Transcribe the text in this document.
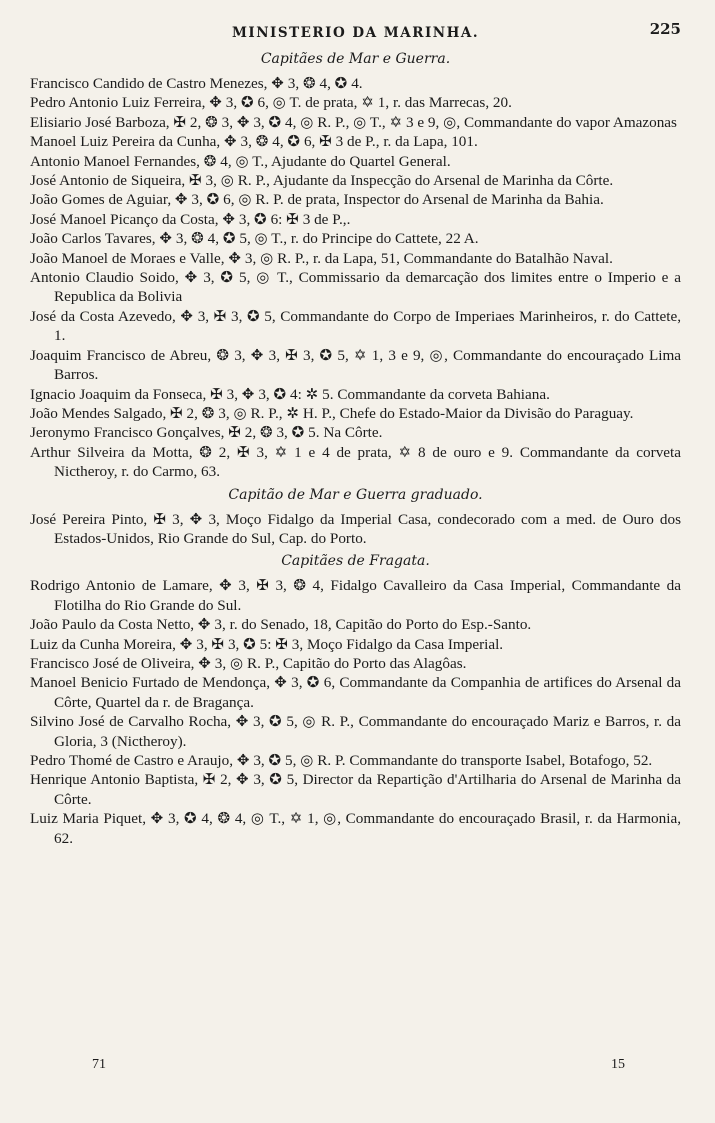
MINISTERIO DA MARINHA.	225
Capitães de Mar e Guerra.
Francisco Candido de Castro Menezes, ✥ 3, ❂ 4, ✪ 4.
Pedro Antonio Luiz Ferreira, ✥ 3, ✪ 6, ◎ T. de prata, ✡ 1, r. das Marrecas, 20.
Elisiario José Barboza, ✠ 2, ❂ 3, ✥ 3, ✪ 4, ◎ R. P., ◎ T., ✡ 3 e 9, ◎, Commandante do vapor Amazonas
Manoel Luiz Pereira da Cunha, ✥ 3, ❂ 4, ✪ 6, ✠ 3 de P., r. da Lapa, 101.
Antonio Manoel Fernandes, ❂ 4, ◎ T., Ajudante do Quartel General.
José Antonio de Siqueira, ✠ 3, ◎ R. P., Ajudante da Inspecção do Arsenal de Marinha da Côrte.
João Gomes de Aguiar, ✥ 3, ✪ 6, ◎ R. P. de prata, Inspector do Arsenal de Marinha da Bahia.
José Manoel Picanço da Costa, ✥ 3, ✪ 6: ✠ 3 de P.,.
João Carlos Tavares, ✥ 3, ❂ 4, ✪ 5, ◎ T., r. do Principe do Cattete, 22 A.
João Manoel de Moraes e Valle, ✥ 3, ◎ R. P., r. da Lapa, 51, Commandante do Batalhão Naval.
Antonio Claudio Soido, ✥ 3, ✪ 5, ◎ T., Commissario da demarcação dos limites entre o Imperio e a Republica da Bolivia
José da Costa Azevedo, ✥ 3, ✠ 3, ✪ 5, Commandante do Corpo de Imperiaes Marinheiros, r. do Cattete, 1.
Joaquim Francisco de Abreu, ❂ 3, ✥ 3, ✠ 3, ✪ 5, ✡ 1, 3 e 9, ◎, Commandante do encouraçado Lima Barros.
Ignacio Joaquim da Fonseca, ✠ 3, ✥ 3, ✪ 4: ✲ 5. Commandante da corveta Bahiana.
João Mendes Salgado, ✠ 2, ❂ 3, ◎ R. P., ✲ H. P., Chefe do Estado-Maior da Divisão do Paraguay.
Jeronymo Francisco Gonçalves, ✠ 2, ❂ 3, ✪ 5. Na Côrte.
Arthur Silveira da Motta, ❂ 2, ✠ 3, ✡ 1 e 4 de prata, ✡ 8 de ouro e 9. Commandante da corveta Nictheroy, r. do Carmo, 63.
Capitão de Mar e Guerra graduado.
José Pereira Pinto, ✠ 3, ✥ 3, Moço Fidalgo da Imperial Casa, condecorado com a med. de Ouro dos Estados-Unidos, Rio Grande do Sul, Cap. do Porto.
Capitães de Fragata.
Rodrigo Antonio de Lamare, ✥ 3, ✠ 3, ❂ 4, Fidalgo Cavalleiro da Casa Imperial, Commandante da Flotilha do Rio Grande do Sul.
João Paulo da Costa Netto, ✥ 3, r. do Senado, 18, Capitão do Porto do Esp.-Santo.
Luiz da Cunha Moreira, ✥ 3, ✠ 3, ✪ 5: ✠ 3, Moço Fidalgo da Casa Imperial.
Francisco José de Oliveira, ✥ 3, ◎ R. P., Capitão do Porto das Alagôas.
Manoel Benicio Furtado de Mendonça, ✥ 3, ✪ 6, Commandante da Companhia de artifices do Arsenal da Côrte, Quartel da r. de Bragança.
Silvino José de Carvalho Rocha, ✥ 3, ✪ 5, ◎ R. P., Commandante do encouraçado Mariz e Barros, r. da Gloria, 3 (Nictheroy).
Pedro Thomé de Castro e Araujo, ✥ 3, ✪ 5, ◎ R. P. Commandante do transporte Isabel, Botafogo, 52.
Henrique Antonio Baptista, ✠ 2, ✥ 3, ✪ 5, Director da Repartição d'Artilharia do Arsenal de Marinha da Côrte.
Luiz Maria Piquet, ✥ 3, ✪ 4, ❂ 4, ◎ T., ✡ 1, ◎, Commandante do encouraçado Brasil, r. da Harmonia, 62.
71	15
